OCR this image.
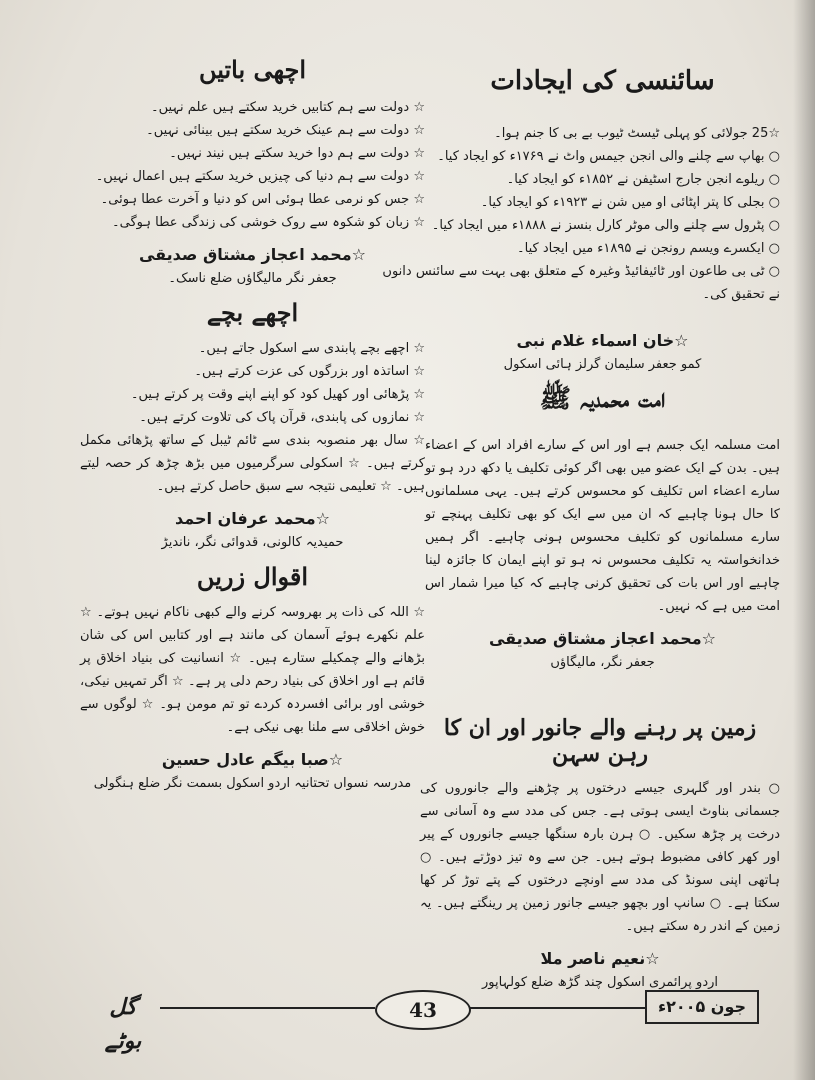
سائنسی کی ایجادات
☆25 جولائی کو پہلی ٹیسٹ ٹیوب بے بی کا جنم ہوا۔
○ بھاپ سے چلنے والی انجن جیمس واٹ نے ۱۷۶۹ء کو ایجاد کیا۔
○ ریلوے انجن جارج اسٹیفن نے ۱۸۵۲ء کو ایجاد کیا۔
○ بجلی کا پتر اپٹائی او میں شن نے ۱۹۲۳ء کو ایجاد کیا۔
○ پٹرول سے چلنے والی موٹر کارل بنسز نے ۱۸۸۸ء میں ایجاد کیا۔
○ ایکسرے ویسم رونجن نے ۱۸۹۵ء میں ایجاد کیا۔
○ ٹی بی طاعون اور ٹائیفائیڈ وغیرہ کے متعلق بھی بہت سے سائنس دانوں
نے تحقیق کی۔
☆خان اسماء غلام نبی
کمو جعفر سلیمان گرلز ہائی اسکول
امت محمدیہ ﷺ
امت مسلمہ ایک جسم ہے اور اس کے سارے افراد اس کے اعضاء ہیں۔ بدن کے ایک عضو میں بھی اگر کوئی تکلیف یا دکھ درد ہو تو سارے اعضاء اس تکلیف کو محسوس کرتے ہیں۔ یہی مسلمانوں کا حال ہونا چاہیے کہ ان میں سے ایک کو بھی تکلیف پہنچے تو سارے مسلمانوں کو تکلیف محسوس ہونی چاہیے۔ اگر ہمیں خدانخواستہ یہ تکلیف محسوس نہ ہو تو اپنے ایمان کا جائزہ لینا چاہیے اور اس بات کی تحقیق کرنی چاہیے کہ کیا میرا شمار اس امت میں ہے کہ نہیں۔
☆محمد اعجاز مشتاق صدیقی
جعفر نگر، مالیگاؤں
زمین پر رہنے والے جانور اور ان کا رہن سہن
○ بندر اور گلہری جیسے درختوں پر چڑھنے والے جانوروں کی جسمانی بناوٹ ایسی ہوتی ہے۔ جس کی مدد سے وہ آسانی سے درخت پر چڑھ سکیں۔ ○ ہرن بارہ سنگھا جیسے جانوروں کے پیر اور کھر کافی مضبوط ہوتے ہیں۔ جن سے وہ تیز دوڑتے ہیں۔ ○ ہاتھی اپنی سونڈ کی مدد سے اونچے درختوں کے پتے توڑ کر کھا سکتا ہے۔ ○ سانپ اور بچھو جیسے جانور زمین پر رینگتے ہیں۔ یہ زمین کے اندر رہ سکتے ہیں۔
☆نعیم ناصر ملا
اردو پرائمری اسکول چند گڑھ ضلع کولہاپور
اچھی باتیں
☆ دولت سے ہم کتابیں خرید سکتے ہیں علم نہیں۔
☆ دولت سے ہم عینک خرید سکتے ہیں بینائی نہیں۔
☆ دولت سے ہم دوا خرید سکتے ہیں نیند نہیں۔
☆ دولت سے ہم دنیا کی چیزیں خرید سکتے ہیں اعمال نہیں۔
☆ جس کو نرمی عطا ہوئی اس کو دنیا و آخرت عطا ہوئی۔
☆ زبان کو شکوہ سے روک خوشی کی زندگی عطا ہوگی۔
☆محمد اعجاز مشتاق صدیقی
جعفر نگر مالیگاؤں ضلع ناسک۔
اچھے بچے
☆ اچھے بچے پابندی سے اسکول جاتے ہیں۔
☆ اساتذہ اور بزرگوں کی عزت کرتے ہیں۔
☆ پڑھائی اور کھیل کود کو اپنے اپنے وقت پر کرتے ہیں۔
☆ نمازوں کی پابندی، قرآن پاک کی تلاوت کرتے ہیں۔
☆ سال بھر منصوبہ بندی سے ٹائم ٹیبل کے ساتھ پڑھائی مکمل کرتے ہیں۔ ☆ اسکولی سرگرمیوں میں بڑھ چڑھ کر حصہ لیتے ہیں۔ ☆ تعلیمی نتیجہ سے سبق حاصل کرتے ہیں۔
☆محمد عرفان احمد
حمیدیہ کالونی، قدوائی نگر، ناندیڑ
اقوال زریں
☆ اللہ کی ذات پر بھروسہ کرنے والے کبھی ناکام نہیں ہوتے۔ ☆ علم نکھرے ہوئے آسمان کی مانند ہے اور کتابیں اس کی شان بڑھانے والے چمکیلے ستارے ہیں۔ ☆ انسانیت کی بنیاد اخلاق پر قائم ہے اور اخلاق کی بنیاد رحم دلی پر ہے۔ ☆ اگر تمہیں نیکی، خوشی اور برائی افسردہ کردے تو تم مومن ہو۔ ☆ لوگوں سے خوش اخلاقی سے ملنا بھی نیکی ہے۔
☆صبا بیگم عادل حسین
مدرسہ نسواں تحتانیہ اردو اسکول بسمت نگر ضلع ہنگولی
گل بوٹے
43	جون ۲۰۰۵ء
